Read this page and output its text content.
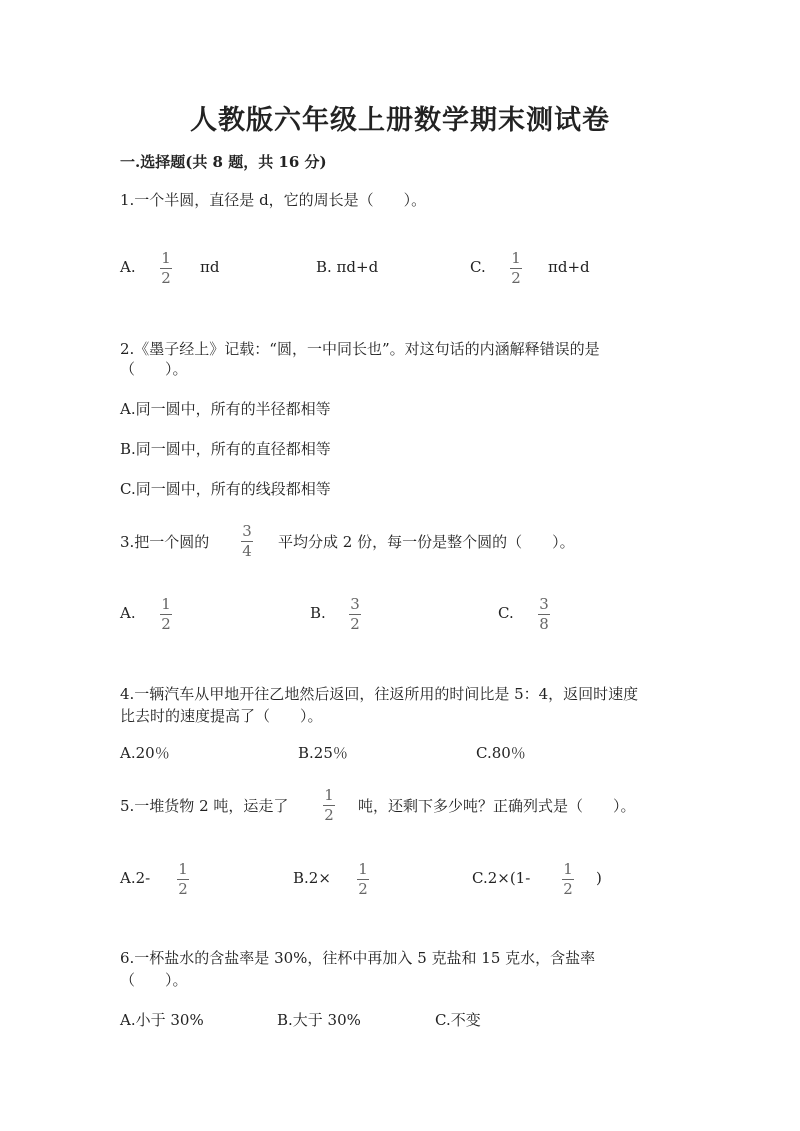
人教版六年级上册数学期末测试卷
一.选择题(共 8 题，共 16 分)
1.一个半圆，直径是 d，它的周长是（　　）。
A. 1
2
πd	B. πd+d	C. 1
2
πd+d
2.《墨子经上》记载：“圆，一中同长也”。对这句话的内涵解释错误的是
（　　）。
A.同一圆中，所有的半径都相等
B.同一圆中，所有的直径都相等
C.同一圆中，所有的线段都相等
3.把一个圆的
3
4 平均分成 2 份，每一份是整个圆的（　　）。
A. 1
2
B. 3
2
C. 3
8
4.一辆汽车从甲地开往乙地然后返回，往返所用的时间比是 5：4，返回时速度
比去时的速度提高了（　　）。
A.20％	B.25％	C.80％
5.一堆货物 2 吨，运走了
1
2 吨，还剩下多少吨？正确列式是（　　）。
A.2- 1
2
B.2× 1
2
C.2×(1- 1
2
)
6.一杯盐水的含盐率是 30%，往杯中再加入 5 克盐和 15 克水，含盐率
（　　）。
A.小于 30%	B.大于 30%	C.不变
